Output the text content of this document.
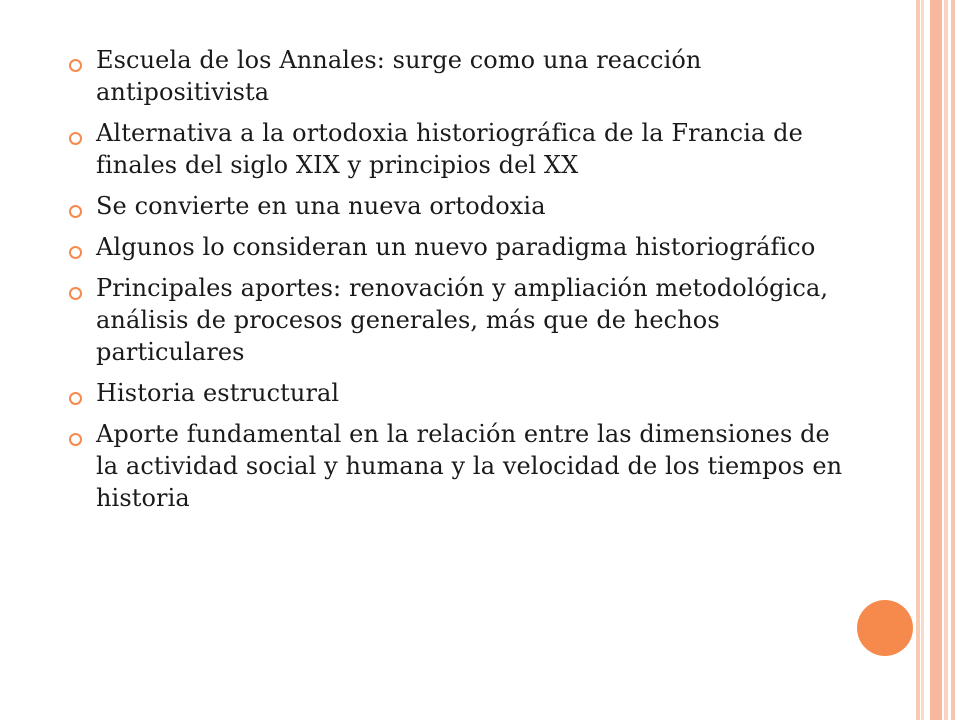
Escuela de los Annales: surge como una reacción antipositivista
Alternativa a la ortodoxia historiográfica de la Francia de finales del siglo XIX y principios del XX
Se convierte en una nueva ortodoxia
Algunos lo consideran un nuevo paradigma historiográfico
Principales aportes: renovación y ampliación metodológica, análisis de procesos generales, más que de hechos particulares
Historia estructural
Aporte fundamental en la relación entre las dimensiones de la actividad social y humana y la velocidad de los tiempos en historia
